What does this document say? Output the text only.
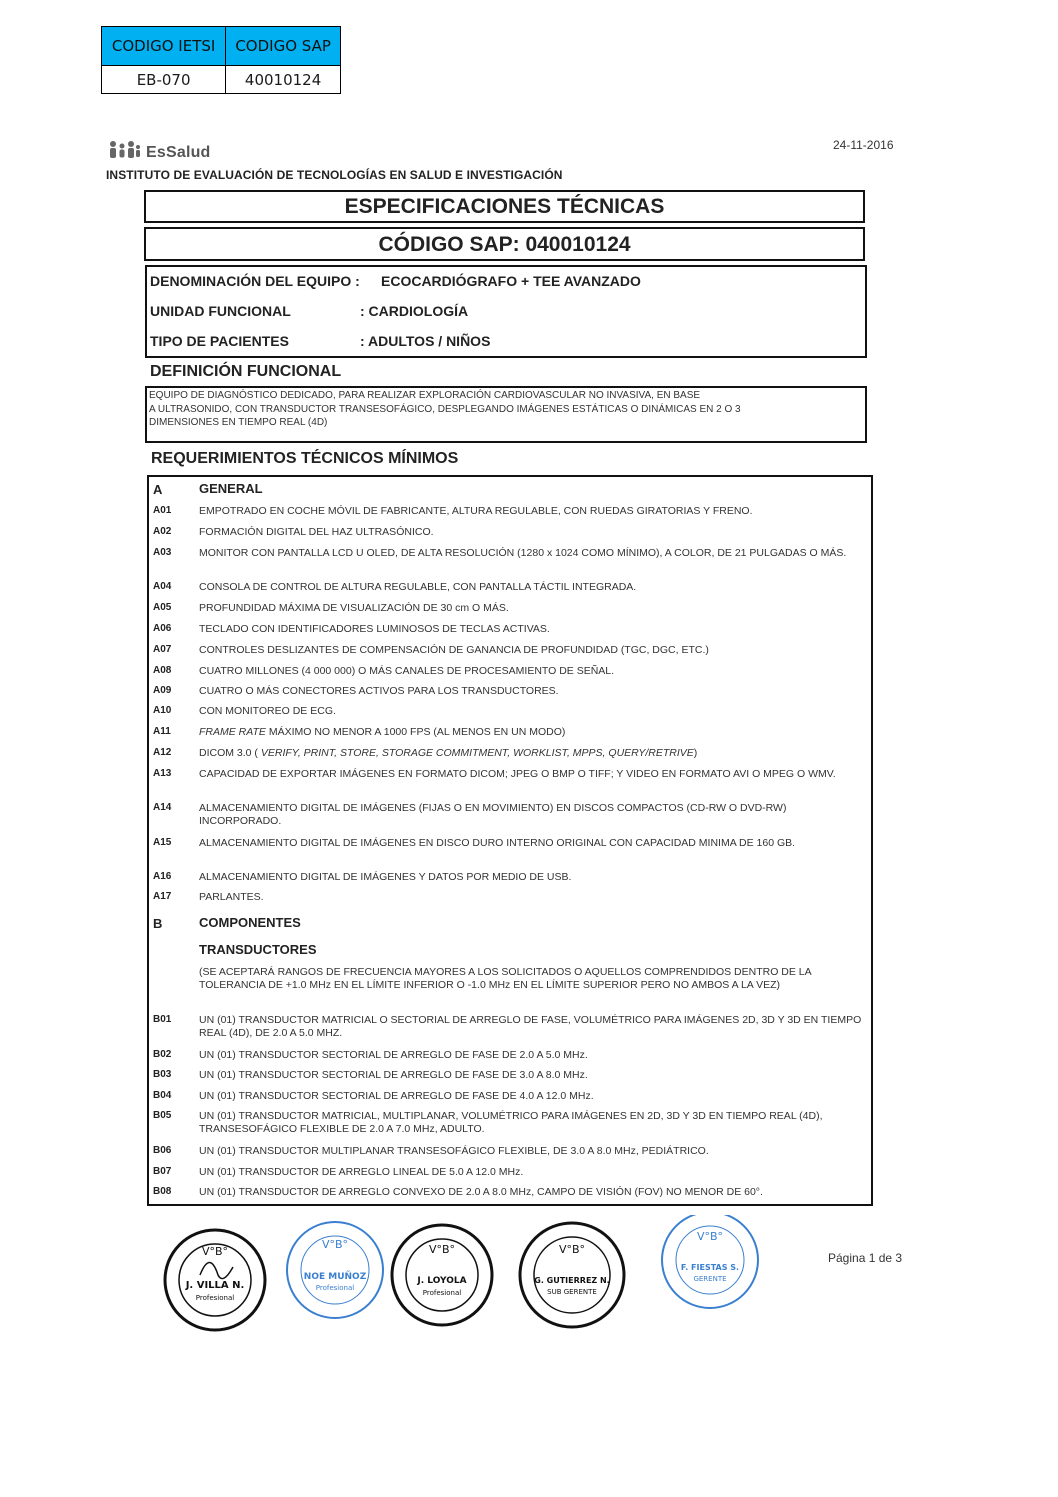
CODIGO IETSI	CODIGO SAP
EB-070	40010124
EsSalud
INSTITUTO DE EVALUACIÓN DE TECNOLOGÍAS EN SALUD E INVESTIGACIÓN
24-11-2016
ESPECIFICACIONES TÉCNICAS
CÓDIGO SAP: 040010124
DENOMINACIÓN DEL EQUIPO : ECOCARDIÓGRAFO + TEE AVANZADO
UNIDAD FUNCIONAL	: CARDIOLOGÍA
TIPO DE PACIENTES	: ADULTOS / NIÑOS
DEFINICIÓN FUNCIONAL
EQUIPO DE DIAGNÓSTICO DEDICADO, PARA REALIZAR EXPLORACIÓN CARDIOVASCULAR NO INVASIVA, EN BASE
A ULTRASONIDO, CON TRANSDUCTOR TRANSESOFÁGICO, DESPLEGANDO IMÁGENES ESTÁTICAS O DINÁMICAS EN 2 O 3
DIMENSIONES EN TIEMPO REAL (4D)
REQUERIMIENTOS TÉCNICOS MÍNIMOS
A	GENERAL
A01	EMPOTRADO EN COCHE MÓVIL DE FABRICANTE, ALTURA REGULABLE, CON RUEDAS GIRATORIAS Y FRENO.
A02	FORMACIÓN DIGITAL DEL HAZ ULTRASÓNICO.
A03	MONITOR CON PANTALLA LCD U OLED, DE ALTA RESOLUCIÓN (1280 x 1024 COMO MÍNIMO), A COLOR, DE 21 PULGADAS O MÁS.
A04	CONSOLA DE CONTROL DE ALTURA REGULABLE, CON PANTALLA TÁCTIL INTEGRADA.
A05	PROFUNDIDAD MÁXIMA DE VISUALIZACIÓN DE 30 cm O MÁS.
A06	TECLADO CON IDENTIFICADORES LUMINOSOS DE TECLAS ACTIVAS.
A07	CONTROLES DESLIZANTES DE COMPENSACIÓN DE GANANCIA DE PROFUNDIDAD (TGC, DGC, ETC.)
A08	CUATRO MILLONES (4 000 000) O MÁS CANALES DE PROCESAMIENTO DE SEÑAL.
A09	CUATRO O MÁS CONECTORES ACTIVOS PARA LOS TRANSDUCTORES.
A10	CON MONITOREO DE ECG.
A11	FRAME RATE MÁXIMO NO MENOR A 1000 FPS (AL MENOS EN UN MODO)
A12	DICOM 3.0 ( VERIFY, PRINT, STORE, STORAGE COMMITMENT, WORKLIST, MPPS, QUERY/RETRIVE)
A13	CAPACIDAD DE EXPORTAR IMÁGENES EN FORMATO DICOM; JPEG O BMP O TIFF; Y VIDEO EN FORMATO AVI O MPEG O WMV.
A14	ALMACENAMIENTO DIGITAL DE IMÁGENES (FIJAS O EN MOVIMIENTO) EN DISCOS COMPACTOS (CD-RW O DVD-RW) INCORPORADO.
A15	ALMACENAMIENTO DIGITAL DE IMÁGENES EN DISCO DURO INTERNO ORIGINAL CON CAPACIDAD MINIMA DE 160 GB.
A16	ALMACENAMIENTO DIGITAL DE IMÁGENES Y DATOS POR MEDIO DE USB.
A17	PARLANTES.
B	COMPONENTES
TRANSDUCTORES
(SE ACEPTARÁ RANGOS DE FRECUENCIA MAYORES A LOS SOLICITADOS O AQUELLOS COMPRENDIDOS DENTRO DE LA TOLERANCIA DE +1.0 MHz EN EL LÍMITE INFERIOR O -1.0 MHz EN EL LÍMITE SUPERIOR PERO NO AMBOS A LA VEZ)
B01	UN (01) TRANSDUCTOR MATRICIAL O SECTORIAL DE ARREGLO DE FASE, VOLUMÉTRICO PARA IMÁGENES 2D, 3D Y 3D EN TIEMPO REAL (4D), DE 2.0 A 5.0 MHZ.
B02	UN (01) TRANSDUCTOR SECTORIAL DE ARREGLO DE FASE DE 2.0 A 5.0 MHz.
B03	UN (01) TRANSDUCTOR SECTORIAL DE ARREGLO DE FASE DE 3.0 A 8.0 MHz.
B04	UN (01) TRANSDUCTOR SECTORIAL DE ARREGLO DE FASE DE 4.0 A 12.0 MHz.
B05	UN (01) TRANSDUCTOR MATRICIAL, MULTIPLANAR, VOLUMÉTRICO PARA IMÁGENES EN 2D, 3D Y 3D EN TIEMPO REAL (4D), TRANSESOFÁGICO FLEXIBLE DE 2.0 A 7.0 MHz, ADULTO.
B06	UN (01) TRANSDUCTOR MULTIPLANAR TRANSESOFÁGICO FLEXIBLE, DE 3.0 A 8.0 MHz, PEDIÁTRICO.
B07	UN (01) TRANSDUCTOR DE ARREGLO LINEAL DE 5.0 A 12.0 MHz.
B08	UN (01) TRANSDUCTOR DE ARREGLO CONVEXO DE 2.0 A 8.0 MHz, CAMPO DE VISIÓN (FOV) NO MENOR DE 60°.
V°B°
J. VILLA N.
Profesional
V°B°
NOE MUÑOZ
Profesional
V°B°
J. LOYOLA
Profesional
V°B°
G. GUTIERREZ N.
SUB GERENTE
V°B°
F. FIESTAS S.
GERENTE
Página 1 de 3
